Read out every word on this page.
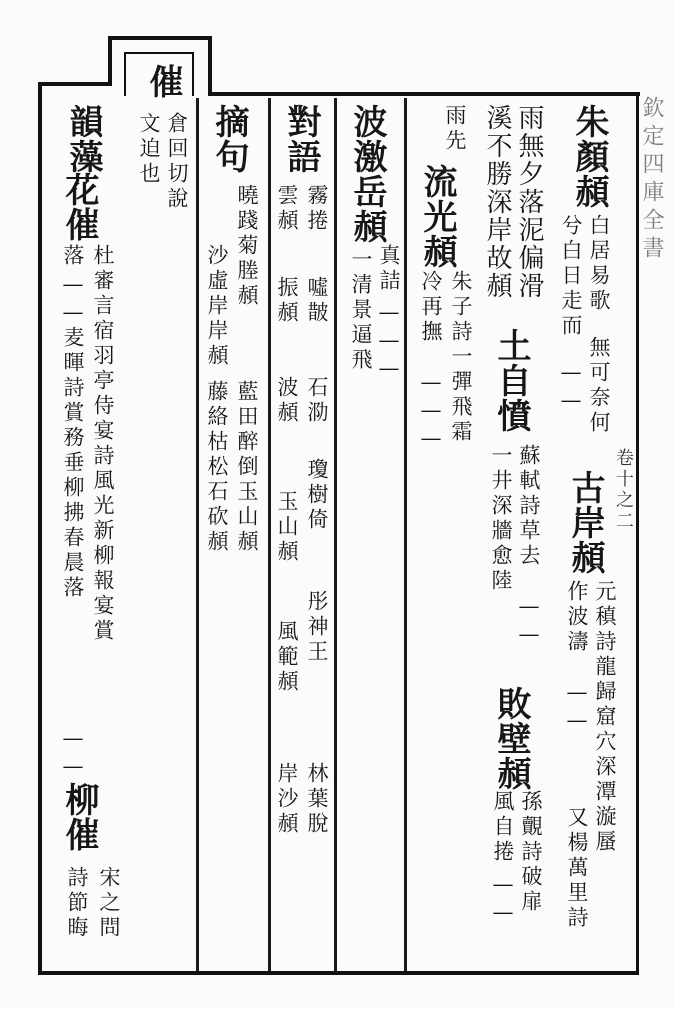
欽定四庫全書
卷十之二
朱顏頳
白居易歌
無可奈何
兮白日走而
——
古岸頳
元稹詩龍歸窟穴深潭漩蜃
作波濤
——
又楊萬里詩
雨無夕落泥偏滑
溪不勝深岸故頳
土自憤
蘇軾詩草去
——
敗壁頳
孫覿詩破扉
一井深牆愈陸
風自捲
——
雨先
流光頳
朱子詩一彈飛霜
冷再撫
———
波激岳頳
真詰
一清景逼飛 ———
對語
霧捲
噓皵
石泐
瓊樹倚
彤神王
林葉脫
雲頳
振頳
波頳
玉山頳
風範頳
岸沙頳
摘句
曉踐菊塍頳
藍田醉倒玉山頳
沙虛岸岸頳
藤絡枯松石砍頳
催
倉回切說
文迫也
韻藻
花催
杜審言宿羽亭侍宴詩風光新柳報宴賞
落
——
麦暉詩賞務垂柳拂春晨落
——
柳催
宋之問
詩節晦
